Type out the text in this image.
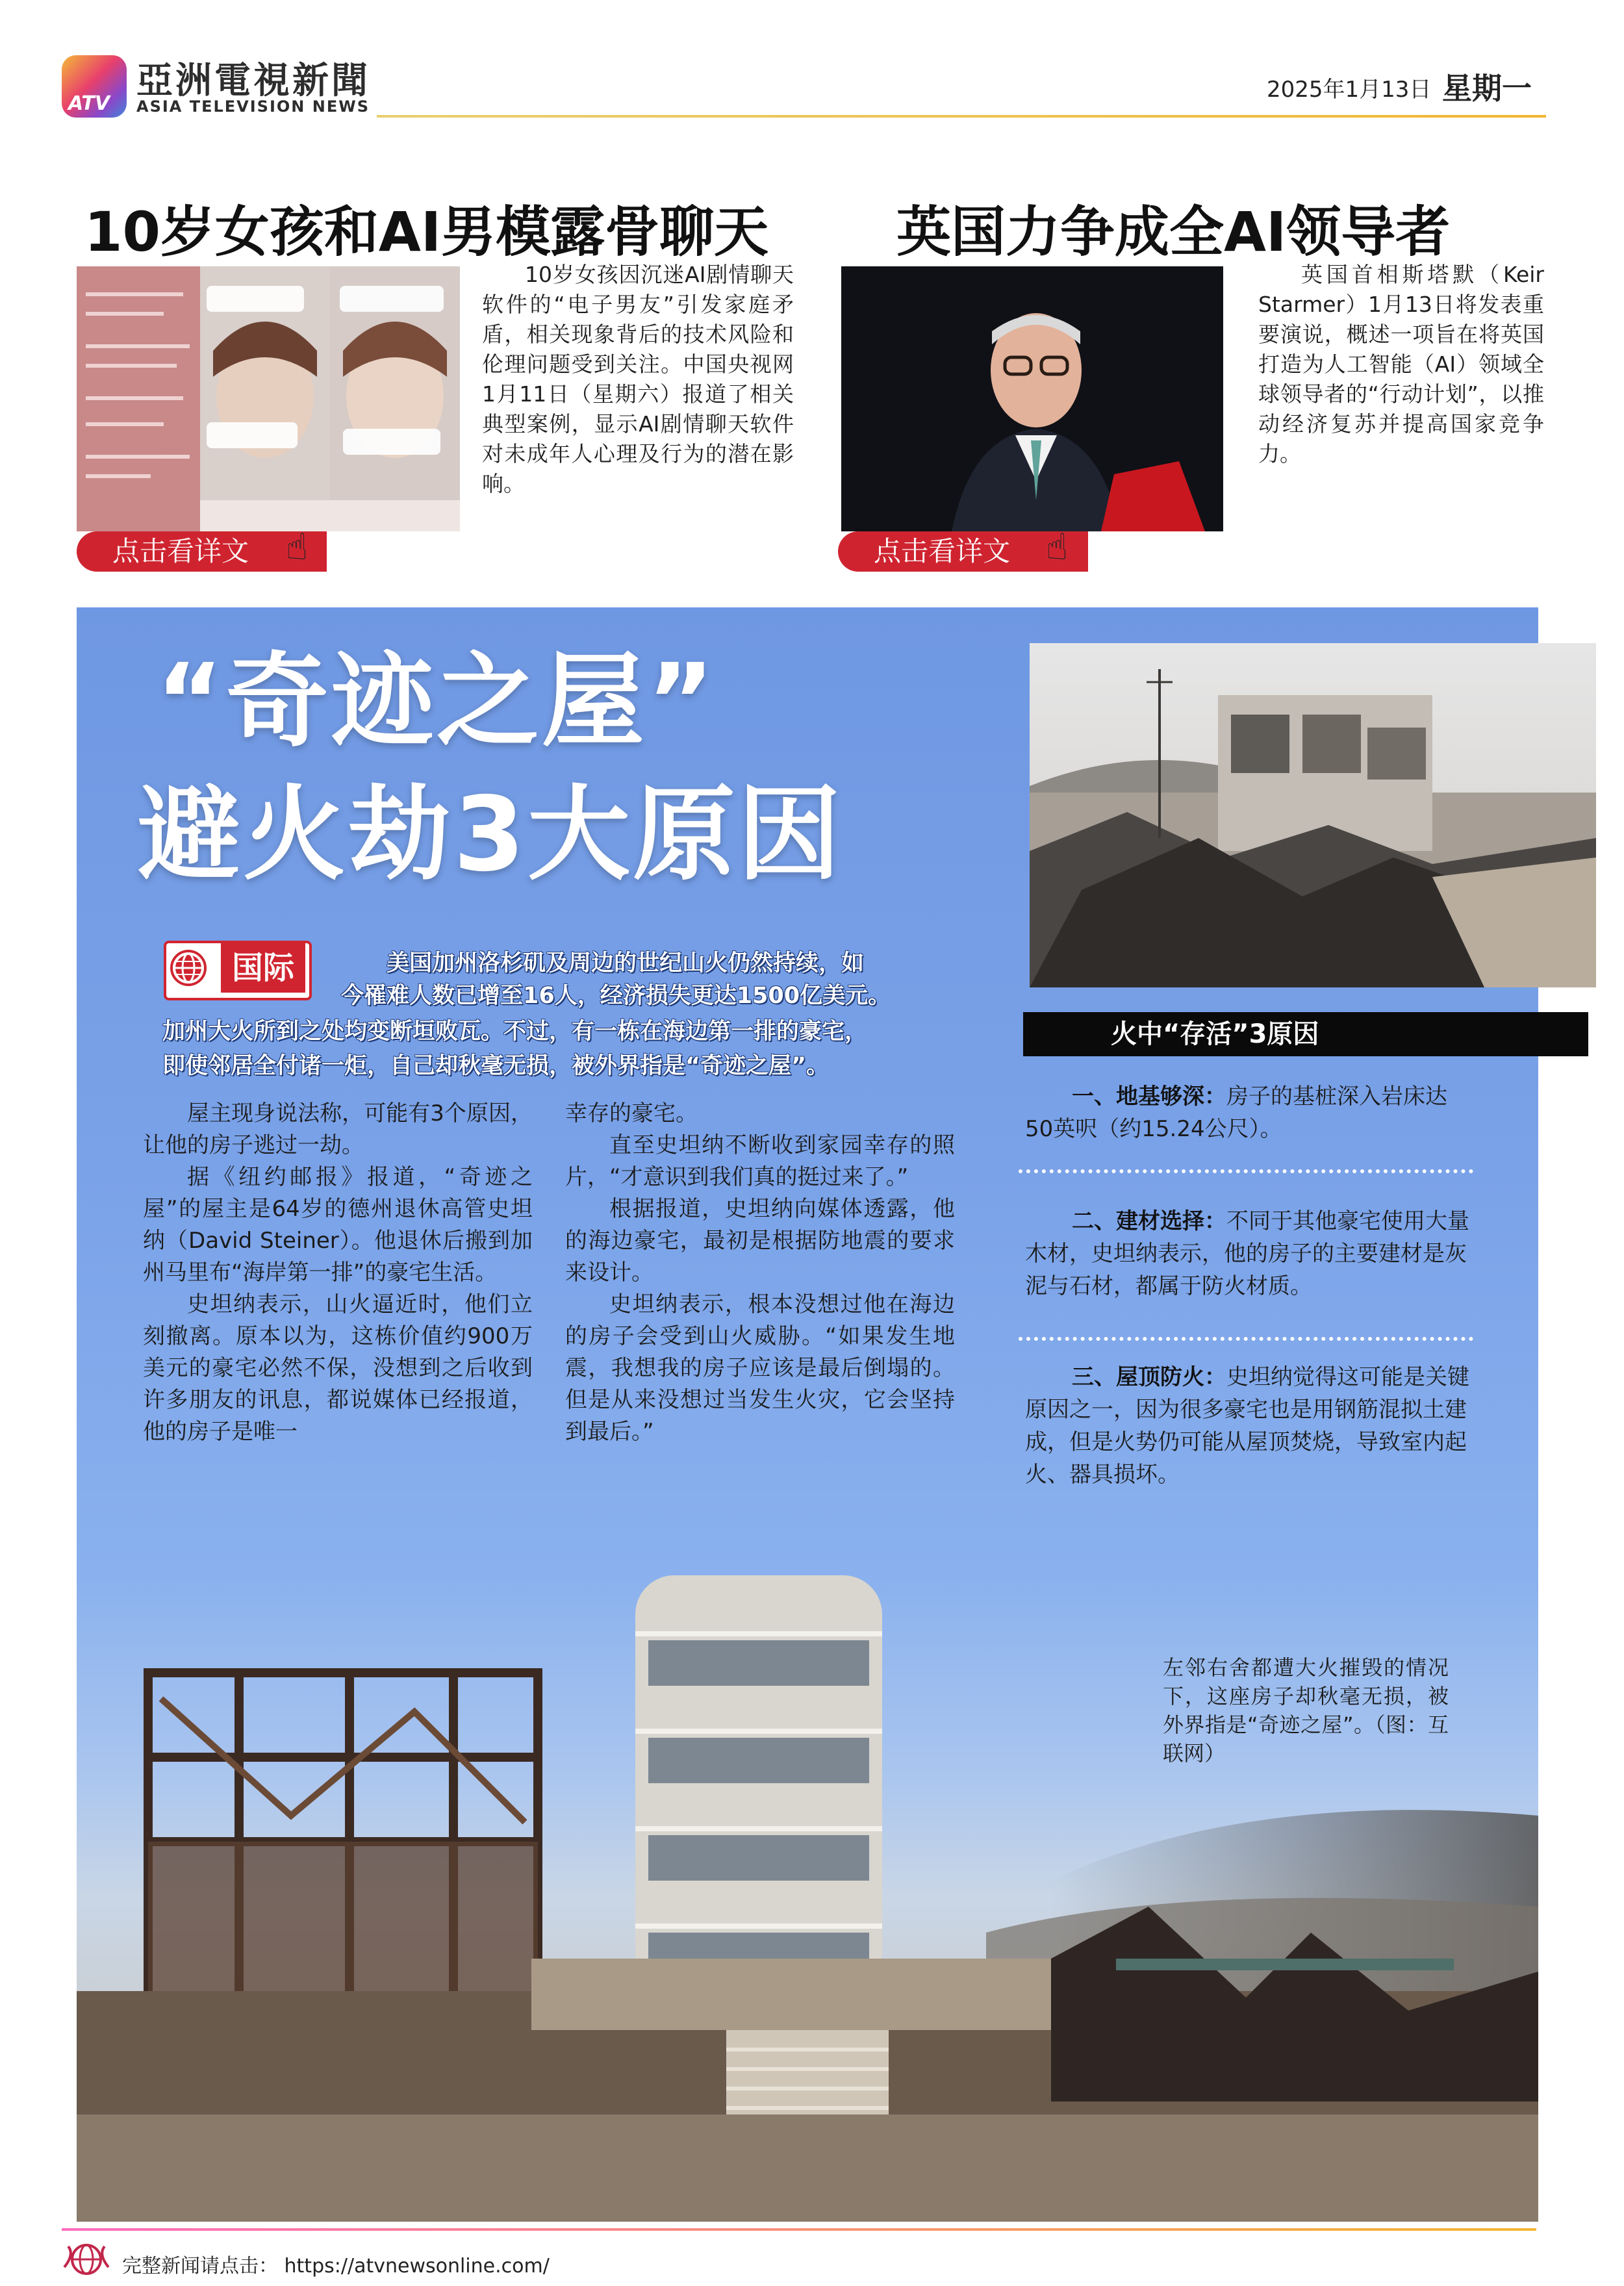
ATV
亞洲電視新聞
ASIA TELEVISION NEWS
2025年1月13日 星期一
10岁女孩和AI男模露骨聊天
10岁女孩因沉迷AI剧情聊天软件的“电子男友”引发家庭矛盾，相关现象背后的技术风险和伦理问题受到关注。中国央视网1月11日（星期六）报道了相关典型案例，显示AI剧情聊天软件对未成年人心理及行为的潜在影响。
点击看详文	☝
英国力争成全AI领导者
英国首相斯塔默（Keir Starmer）1月13日将发表重要演说，概述一项旨在将英国打造为人工智能（AI）领域全球领导者的“行动计划”，以推动经济复苏并提高国家竞争力。
点击看详文 ☝
“奇迹之屋”
避火劫3大原因
国际	美国加州洛杉矶及周边的世纪山火仍然持续，如
今罹难人数已增至16人，经济损失更达1500亿美元。
加州大火所到之处均变断垣败瓦。不过，有一栋在海边第一排的豪宅，
即使邻居全付诸一炬，自己却秋毫无损，被外界指是“奇迹之屋”。

屋主现身说法称，可能有3个原因，让他的房子逃过一劫。

据《纽约邮报》报道，“奇迹之屋”的屋主是64岁的德州退休高管史坦纳（David Steiner）。他退休后搬到加州马里布“海岸第一排”的豪宅生活。

史坦纳表示，山火逼近时，他们立刻撤离。原本以为，这栋价值约900万美元的豪宅必然不保，没想到之后收到许多朋友的讯息，都说媒体已经报道，他的房子是唯一

幸存的豪宅。

直至史坦纳不断收到家园幸存的照片，“才意识到我们真的挺过来了。”

根据报道，史坦纳向媒体透露，他的海边豪宅，最初是根据防地震的要求来设计。

史坦纳表示，根本没想过他在海边的房子会受到山火威胁。“如果发生地震，我想我的房子应该是最后倒塌的。但是从来没想过当发生火灾，它会坚持到最后。”

火中“存活”3原因
一、地基够深：房子的基桩深入岩床达50英呎（约15.24公尺）。
二、建材选择：不同于其他豪宅使用大量木材，史坦纳表示，他的房子的主要建材是灰泥与石材，都属于防火材质。
三、屋顶防火：史坦纳觉得这可能是关键原因之一，因为很多豪宅也是用钢筋混拟土建成，但是火势仍可能从屋顶焚烧，导致室内起火、器具损坏。
左邻右舍都遭大火摧毁的情况下，这座房子却秋毫无损，被外界指是“奇迹之屋”。（图：互联网）
完整新闻请点击： https://atvnewsonline.com/
